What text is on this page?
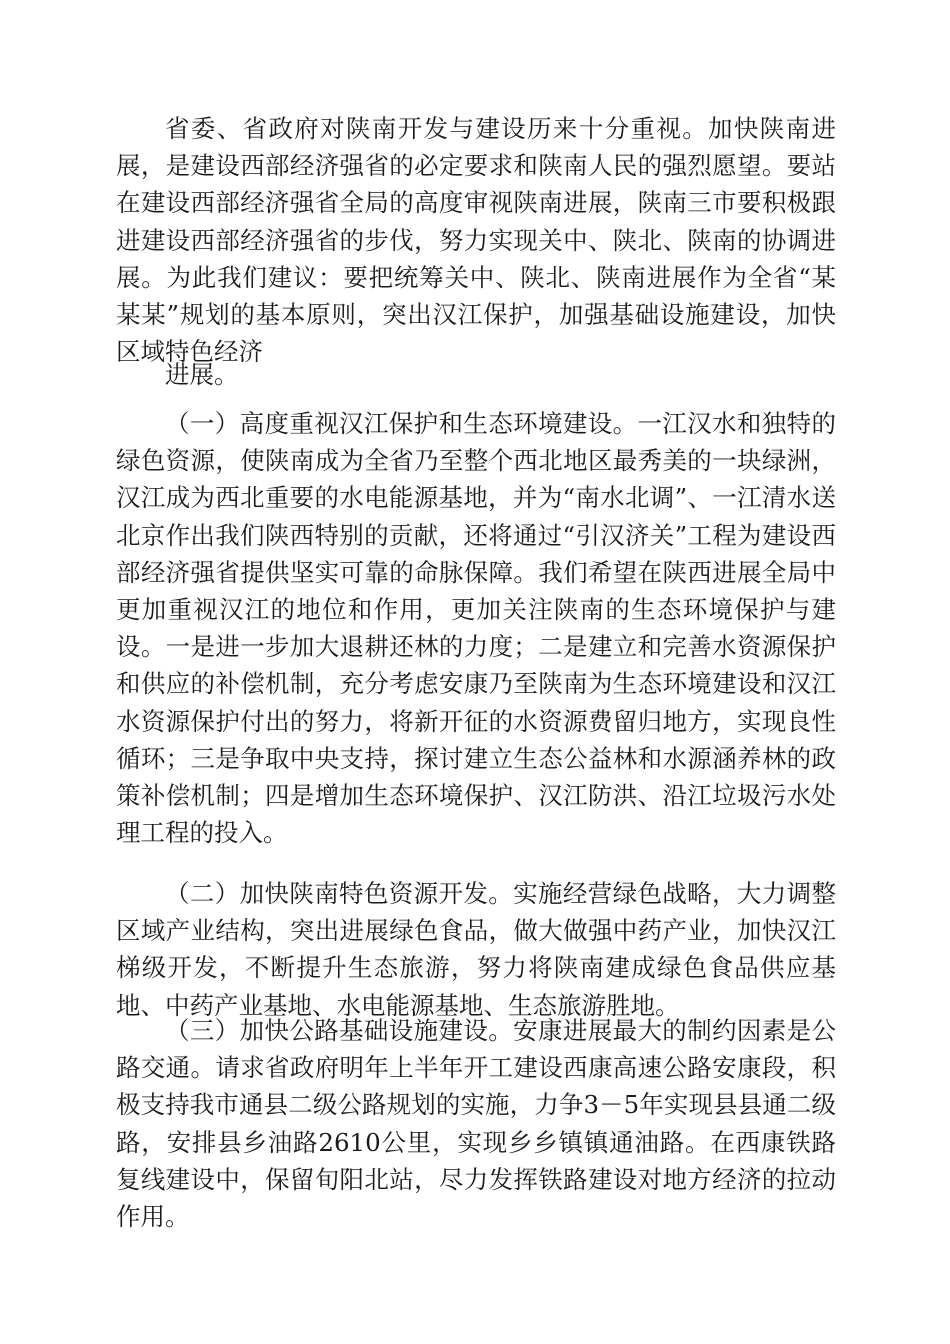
省委、省政府对陕南开发与建设历来十分重视。加快陕南进展，是建设西部经济强省的必定要求和陕南人民的强烈愿望。要站在建设西部经济强省全局的高度审视陕南进展，陕南三市要积极跟进建设西部经济强省的步伐，努力实现关中、陕北、陕南的协调进展。为此我们建议：要把统筹关中、陕北、陕南进展作为全省“某某某”规划的基本原则，突出汉江保护，加强基础设施建设，加快区域特色经济

进展。

（一）高度重视汉江保护和生态环境建设。一江汉水和独特的绿色资源，使陕南成为全省乃至整个西北地区最秀美的一块绿洲，汉江成为西北重要的水电能源基地，并为“南水北调”、一江清水送北京作出我们陕西特别的贡献，还将通过“引汉济关”工程为建设西部经济强省提供坚实可靠的命脉保障。我们希望在陕西进展全局中更加重视汉江的地位和作用，更加关注陕南的生态环境保护与建设。一是进一步加大退耕还林的力度；二是建立和完善水资源保护和供应的补偿机制，充分考虑安康乃至陕南为生态环境建设和汉江水资源保护付出的努力，将新开征的水资源费留归地方，实现良性循环；三是争取中央支持，探讨建立生态公益林和水源涵养林的政策补偿机制；四是增加生态环境保护、汉江防洪、沿江垃圾污水处理工程的投入。

（二）加快陕南特色资源开发。实施经营绿色战略，大力调整区域产业结构，突出进展绿色食品，做大做强中药产业，加快汉江梯级开发，不断提升生态旅游，努力将陕南建成绿色食品供应基地、中药产业基地、水电能源基地、生态旅游胜地。

（三）加快公路基础设施建设。安康进展最大的制约因素是公路交通。请求省政府明年上半年开工建设西康高速公路安康段，积极支持我市通县二级公路规划的实施，力争3－5年实现县县通二级路，安排县乡油路2610公里，实现乡乡镇镇通油路。在西康铁路复线建设中，保留旬阳北站，尽力发挥铁路建设对地方经济的拉动作用。
